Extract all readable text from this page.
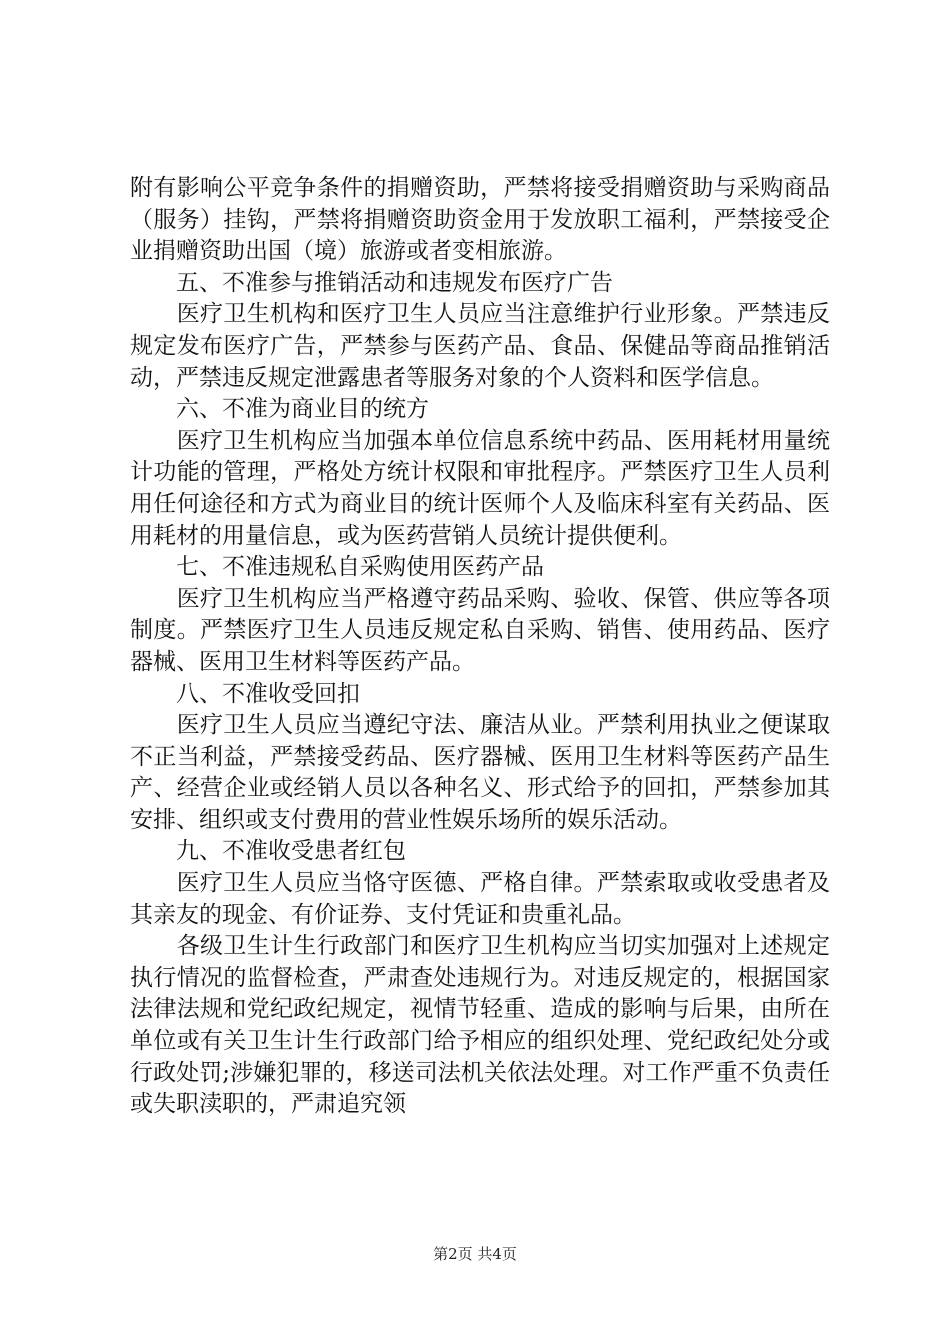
附有影响公平竞争条件的捐赠资助，严禁将接受捐赠资助与采购商品（服务）挂钩，严禁将捐赠资助资金用于发放职工福利，严禁接受企业捐赠资助出国（境）旅游或者变相旅游。

　　五、不准参与推销活动和违规发布医疗广告

　　医疗卫生机构和医疗卫生人员应当注意维护行业形象。严禁违反规定发布医疗广告，严禁参与医药产品、食品、保健品等商品推销活动，严禁违反规定泄露患者等服务对象的个人资料和医学信息。

　　六、不准为商业目的统方

　　医疗卫生机构应当加强本单位信息系统中药品、医用耗材用量统计功能的管理，严格处方统计权限和审批程序。严禁医疗卫生人员利用任何途径和方式为商业目的统计医师个人及临床科室有关药品、医用耗材的用量信息，或为医药营销人员统计提供便利。

　　七、不准违规私自采购使用医药产品

　　医疗卫生机构应当严格遵守药品采购、验收、保管、供应等各项制度。严禁医疗卫生人员违反规定私自采购、销售、使用药品、医疗器械、医用卫生材料等医药产品。

　　八、不准收受回扣

　　医疗卫生人员应当遵纪守法、廉洁从业。严禁利用执业之便谋取不正当利益，严禁接受药品、医疗器械、医用卫生材料等医药产品生产、经营企业或经销人员以各种名义、形式给予的回扣，严禁参加其安排、组织或支付费用的营业性娱乐场所的娱乐活动。

　　九、不准收受患者红包

　　医疗卫生人员应当恪守医德、严格自律。严禁索取或收受患者及其亲友的现金、有价证券、支付凭证和贵重礼品。

　　各级卫生计生行政部门和医疗卫生机构应当切实加强对上述规定执行情况的监督检查，严肃查处违规行为。对违反规定的，根据国家法律法规和党纪政纪规定，视情节轻重、造成的影响与后果，由所在单位或有关卫生计生行政部门给予相应的组织处理、党纪政纪处分或行政处罚;涉嫌犯罪的，移送司法机关依法处理。对工作严重不负责任或失职渎职的，严肃追究领

第2页 共4页
